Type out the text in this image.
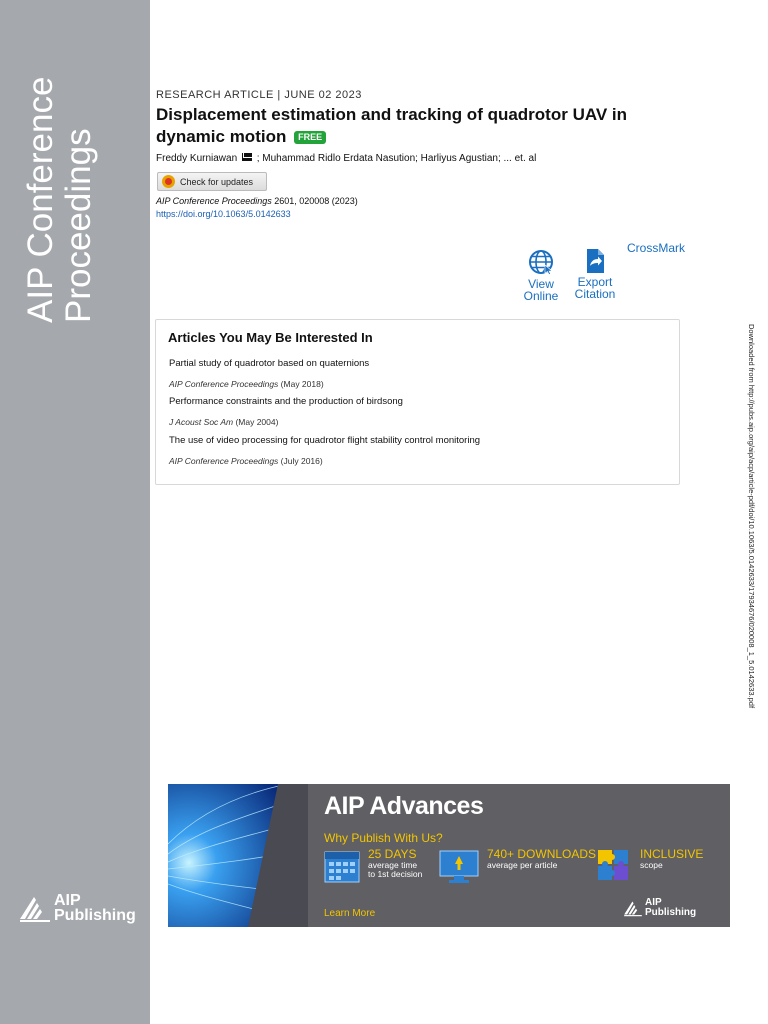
AIP Conference Proceedings
AIP
Publishing
RESEARCH ARTICLE | JUNE 02 2023
Displacement estimation and tracking of quadrotor UAV in dynamic motion FREE
Freddy Kurniawan ; Muhammad Ridlo Erdata Nasution; Harliyus Agustian; ... et. al
Check for updates
AIP Conference Proceedings 2601, 020008 (2023)
https://doi.org/10.1063/5.0142633
View
Online
Export
Citation
CrossMark
Articles You May Be Interested In
Partial study of quadrotor based on quaternions
AIP Conference Proceedings (May 2018)
Performance constraints and the production of birdsong
J Acoust Soc Am (May 2004)
The use of video processing for quadrotor flight stability control monitoring
AIP Conference Proceedings (July 2016)	Downloaded from http://pubs.aip.org/aip/acp/article-pdf/doi/10.1063/5.0142633/17934676/020008_1_5.0142633.pdf
AIP Advances
Why Publish With Us?
25 DAYS
average time
to 1st decision
740+ DOWNLOADS
average per article
INCLUSIVE
scope
Learn More
AIP
Publishing
